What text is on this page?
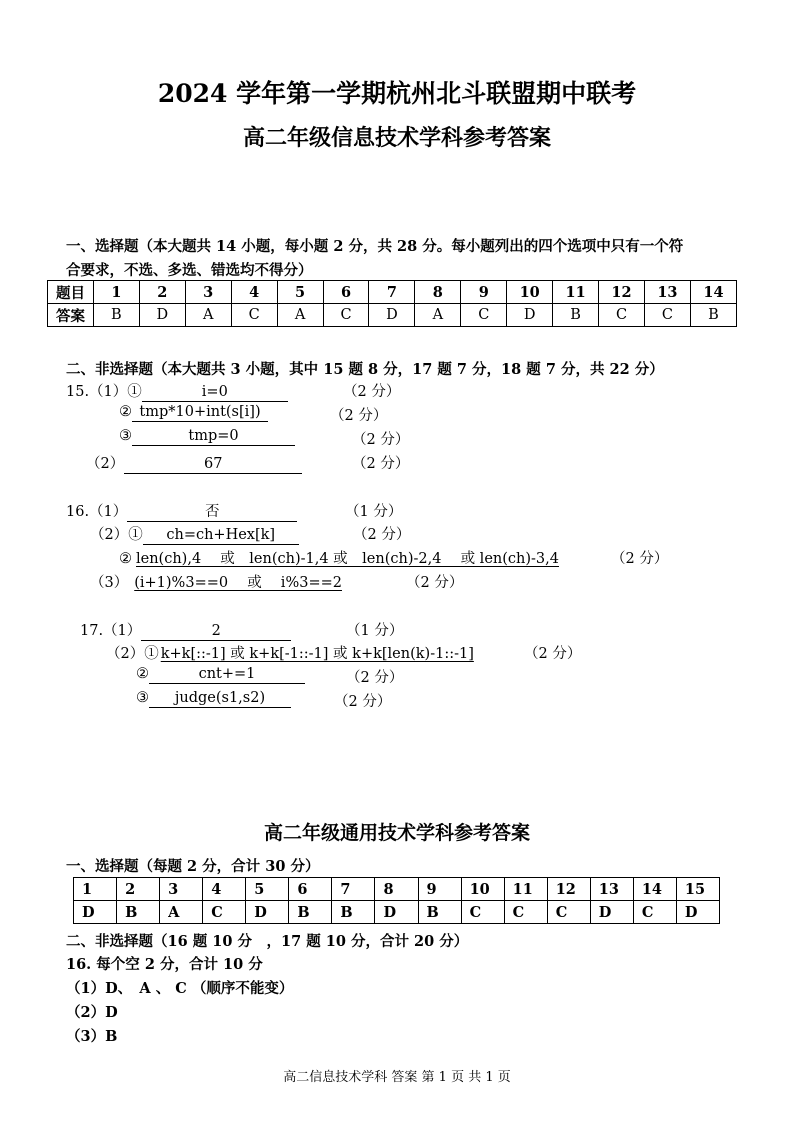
2024 学年第一学期杭州北斗联盟期中联考
高二年级信息技术学科参考答案
一、选择题（本大题共 14 小题，每小题 2 分，共 28 分。每小题列出的四个选项中只有一个符
合要求，不选、多选、错选均不得分）
题目	1	2	3	4	5	6	7	8	9	10	11	12	13	14
答案	B	D	A	C	A	C	D	A	C	D	B	C	C	B
二、非选择题（本大题共 3 小题，其中 15 题 8 分，17 题 7 分，18 题 7 分，共 22 分）
15.（1）①	i=0	（2 分）
② tmp*10+int(s[i])	（2 分）
③	tmp=0	（2 分）
（2）	67	（2 分）
16.（1）	否	（1 分）
（2）① ch=ch+Hex[k]	（2 分）
② len(ch),4　 或　len(ch)-1,4 或　len(ch)-2,4　 或 len(ch)-3,4	（2 分）
（3） (i+1)%3==0　 或　 i%3==2	（2 分）
17.（1）	2	（1 分）
（2）① k+k[::-1] 或 k+k[-1::-1] 或 k+k[len(k)-1::-1]	（2 分）
②	cnt+=1	（2 分）
③ judge(s1,s2)	（2 分）
高二年级通用技术学科参考答案
一、选择题（每题 2 分，合计 30 分）
1	2	3	4	5	6	7	8	9	10	11	12	13	14	15
D	B	A	C	D	B	B	D	B	C	C	C	D	C	D
二、非选择题（16 题 10 分　，17 题 10 分，合计 20 分）
16. 每个空 2 分，合计 10 分
（1）D、　A 、 C （顺序不能变）
（2）D
（3）B
高二信息技术学科 答案 第 1 页 共 1 页
